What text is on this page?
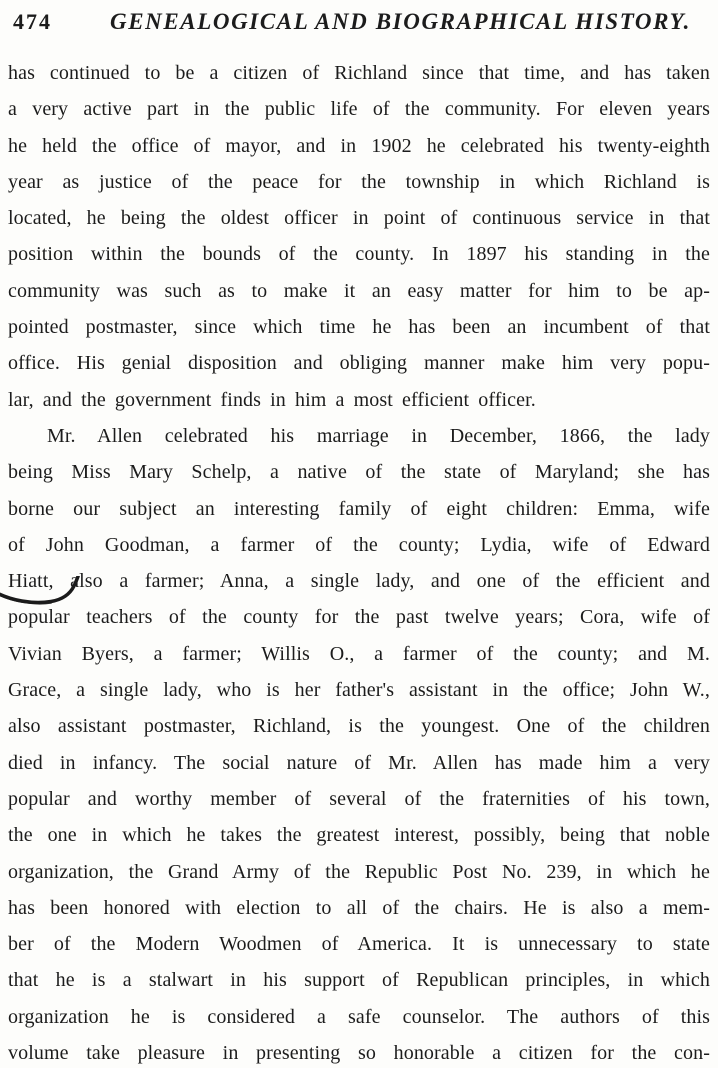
474	GENEALOGICAL AND BIOGRAPHICAL HISTORY.
has continued to be a citizen of Richland since that time, and has taken
a very active part in the public life of the community. For eleven years
he held the office of mayor, and in 1902 he celebrated his twenty-eighth
year as justice of the peace for the township in which Richland is
located, he being the oldest officer in point of continuous service in that
position within the bounds of the county. In 1897 his standing in the
community was such as to make it an easy matter for him to be ap-
pointed postmaster, since which time he has been an incumbent of that
office. His genial disposition and obliging manner make him very popu-
lar, and the government finds in him a most efficient officer.
Mr. Allen celebrated his marriage in December, 1866, the lady
being Miss Mary Schelp, a native of the state of Maryland; she has
borne our subject an interesting family of eight children: Emma, wife
of John Goodman, a farmer of the county; Lydia, wife of Edward
Hiatt, also a farmer; Anna, a single lady, and one of the efficient and
popular teachers of the county for the past twelve years; Cora, wife of
Vivian Byers, a farmer; Willis O., a farmer of the county; and M.
Grace, a single lady, who is her father's assistant in the office; John W.,
also assistant postmaster, Richland, is the youngest. One of the children
died in infancy. The social nature of Mr. Allen has made him a very
popular and worthy member of several of the fraternities of his town,
the one in which he takes the greatest interest, possibly, being that noble
organization, the Grand Army of the Republic Post No. 239, in which he
has been honored with election to all of the chairs. He is also a mem-
ber of the Modern Woodmen of America. It is unnecessary to state
that he is a stalwart in his support of Republican principles, in which
organization he is considered a safe counselor. The authors of this
volume take pleasure in presenting so honorable a citizen for the con-
